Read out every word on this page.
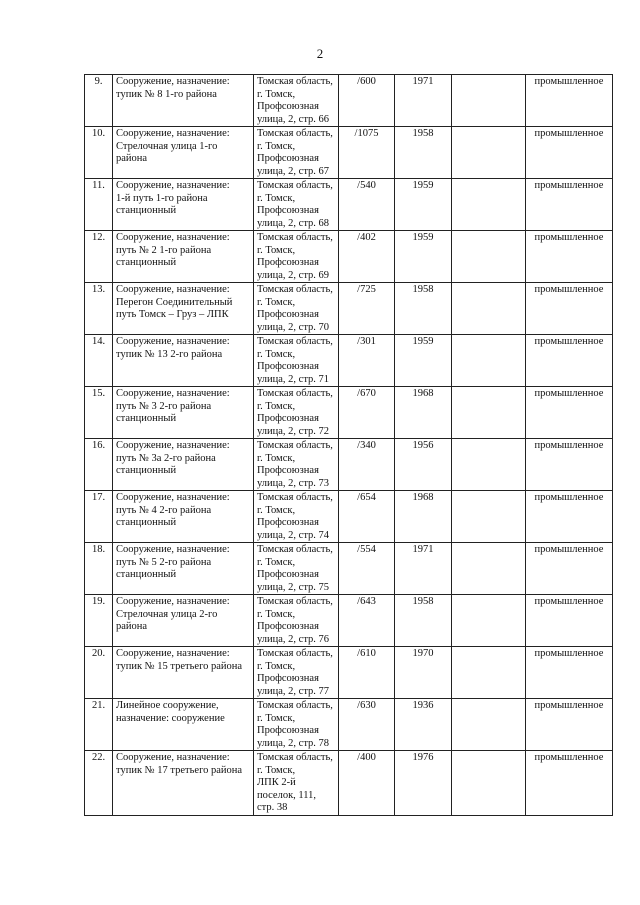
2
9.	Сооружение, назначение:
тупик № 8 1-го района	Томская область,
г. Томск,
Профсоюзная
улица, 2, стр. 66	/600	1971		промышленное
10.	Сооружение, назначение:
Стрелочная улица 1-го
района	Томская область,
г. Томск,
Профсоюзная
улица, 2, стр. 67	/1075	1958		промышленное
11.	Сооружение, назначение:
1-й путь 1-го района
станционный	Томская область,
г. Томск,
Профсоюзная
улица, 2, стр. 68	/540	1959		промышленное
12.	Сооружение, назначение:
путь № 2 1-го района
станционный	Томская область,
г. Томск,
Профсоюзная
улица, 2, стр. 69	/402	1959		промышленное
13.	Сооружение, назначение:
Перегон Соединительный
путь Томск – Груз – ЛПК	Томская область,
г. Томск,
Профсоюзная
улица, 2, стр. 70	/725	1958		промышленное
14.	Сооружение, назначение:
тупик № 13 2-го района	Томская область,
г. Томск,
Профсоюзная
улица, 2, стр. 71	/301	1959		промышленное
15.	Сооружение, назначение:
путь № 3 2-го района
станционный	Томская область,
г. Томск,
Профсоюзная
улица, 2, стр. 72	/670	1968		промышленное
16.	Сооружение, назначение:
путь № 3а 2-го района
станционный	Томская область,
г. Томск,
Профсоюзная
улица, 2, стр. 73	/340	1956		промышленное
17.	Сооружение, назначение:
путь № 4 2-го района
станционный	Томская область,
г. Томск,
Профсоюзная
улица, 2, стр. 74	/654	1968		промышленное
18.	Сооружение, назначение:
путь № 5 2-го района
станционный	Томская область,
г. Томск,
Профсоюзная
улица, 2, стр. 75	/554	1971		промышленное
19.	Сооружение, назначение:
Стрелочная улица 2-го
района	Томская область,
г. Томск,
Профсоюзная
улица, 2, стр. 76	/643	1958		промышленное
20.	Сооружение, назначение:
тупик № 15 третьего района	Томская область,
г. Томск,
Профсоюзная
улица, 2, стр. 77	/610	1970		промышленное
21.	Линейное сооружение,
назначение: сооружение	Томская область,
г. Томск,
Профсоюзная
улица, 2, стр. 78	/630	1936		промышленное
22.	Сооружение, назначение:
тупик № 17 третьего района	Томская область,
г. Томск,
ЛПК 2-й
поселок, 111,
стр. 38	/400	1976		промышленное
